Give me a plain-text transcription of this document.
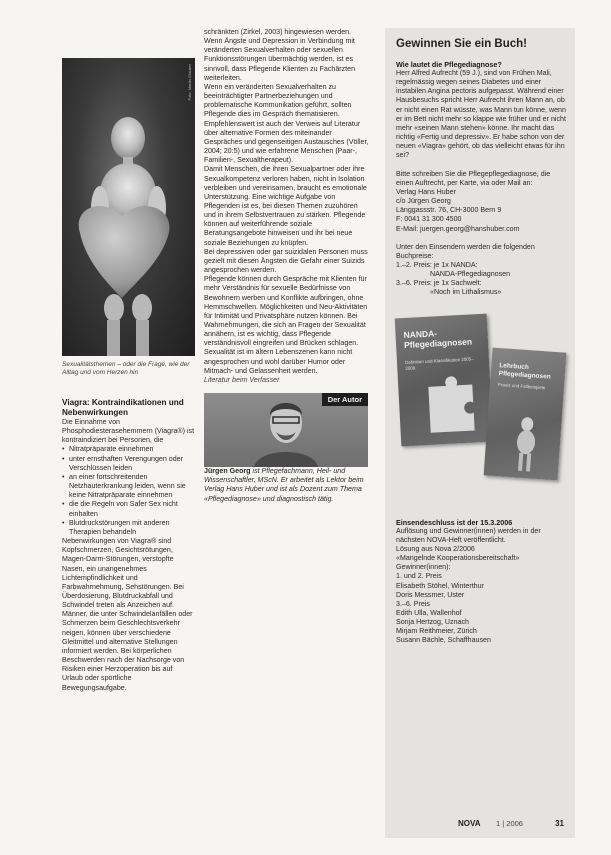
Foto: Martin Glauser
Sexualitätsthemen – oder die Frage, wie der Alltag und vom Herzen hin
Viagra: Kontraindikationen und Nebenwirkungen

Die Einnahme von Phosphodiesterasehemmern (Viagra®) ist kontraindiziert bei Personen, die

• Nitratpräparate einnehmen
• unter ernsthaften Verengungen oder Verschlüssen leiden
• an einer fortschreitenden Netzhauterkrankung leiden, wenn sie keine Nitratpräparate einnehmen
• die die Regeln von Safer Sex nicht einhalten
• Blutdruckstörungen mit anderen Therapien behandeln

Nebenwirkungen von Viagra® sind Kopfschmerzen, Gesichtsrötungen, Magen-Darm-Störungen, verstopfte Nasen, ein unangenehmes Lichtempfindlichkeit und Farbwahrnehmung, Sehstörungen. Bei Überdosierung, Blutdruckabfall und Schwindel treten als Anzeichen auf. Männer, die unter Schwindelanfällen oder Schmerzen beim Geschlechtsverkehr neigen, können über verschiedene Gleitmittel und alternative Stellungen informiert werden. Bei körperlichen Beschwerden nach der Nachsorge von Risiken einer Herzoperation bis auf Urlaub oder sportliche Bewegungsaufgabe.

schränkten (Zirkel, 2003) hingewiesen werden.

Wenn Ängste und Depression in Verbindung mit veränderten Sexualverhalten oder sexuellen Funktionsstörungen übermächtig werden, ist es sinnvoll, dass Pflegende Klienten zu Fachärzten weiterleiten.

Wenn ein veränderten Sexualverhalten zu beeinträchtigter Partnerbeziehungen und problematische Kommunikation geführt, sollten Pflegende dies im Gespräch thematisieren. Empfehlenswert ist auch der Verweis auf Literatur über alternative Formen des miteinander Gespräches und gegenseitigen Austausches (Völler, 2004; 20:5) und wie erfahrene Menschen (Paar-, Familien-, Sexualtherapeut).

Damit Menschen, die ihren Sexualpartner oder ihre Sexualkompetenz verloren haben, nicht in Isolation verbleiben und vereinsamen, braucht es emotionale Unterstützung. Eine wichtige Aufgabe von Pflegenden ist es, bei diesen Themen zuzuhören und in ihrem Selbstvertrauen zu stärken. Pflegende können auf weiterführende soziale Beratungsangebote hinweisen und ihr bei neue soziale Beziehungen zu knüpfen.

Bei depressiven oder gar suizidalen Personen muss gezielt mit diesen Ängsten die Gefahr einer Suizids angesprochen werden.

Pflegende können durch Gespräche mit Klienten für mehr Verständnis für sexuelle Bedürfnisse von Bewohnern werben und Konflikte aufbringen, ohne Hemmschwellen. Möglichkeiten und Neu-Aktivitäten für Intimität und Privatsphäre nutzen können. Bei Wahrnehmungen, die sich an Fragen der Sexualität annähern, ist es wichtig, dass Pflegende verständnisvoll eingreifen und Brücken schlagen.

Sexualität ist im ältern Lebenszenen kann nicht angesprochen und wohl darüber Humor oder Mitmach- und Gelassenheit werden.

Literatur beim Verfasser

Der Autor

Jürgen Georg ist Pflegefachmann, Heil- und Wissenschaftler, MScN. Er arbeitet als Lektor beim Verlag Hans Huber und ist als Dozent zum Thema «Pflegediagnose» und diagnostisch tätig.

Gewinnen Sie ein Buch!
Wie lautet die Pflegediagnose?

Herr Alfred Aufrecht (59 J.), sind von Frühen Mali, regelmässig wegen seines Diabetes und einer instabilen Angina pectoris aufgepasst. Während einer Hausbesuchs spricht Herr Aufrecht ihren Mann an, ob er nicht einen Rat wüsste, was Mann tun könne, wenn er im Bett nicht mehr so klappe wie früher und er nicht mehr «seinen Mann stehen» könne. Ihr macht das richtig «Fertig und depressiv». Er habe schon von der neuen «Viagra» gehört, ob das vielleicht etwas für ihn sei?

Bitte schreiben Sie die Pflegepflegediagnose, die einen Auftrecht, per Karte, via oder Mail an:

Verlag Hans Huber

c/o Jürgen Georg

Länggassstr. 76, CH-3000 Bern 9

F: 0041 31 300 4500

E-Mail: juergen.georg@hanshuber.com

Unter den Einsendern werden die folgenden Buchpreise:

1.–2. Preis: je 1x NANDA:

NANDA-Pflegediagnosen

3.–6. Preis: je 1x Sachwelt:

«Noch im Lithalismus»

NANDA-Pflegediagnosen
Definition und Klassifikation 2005–2006	Lehrbuch Pflegediagnosen
Praxis und Fallbeispiele
Einsendeschluss ist der 15.3.2006

Auflösung und Gewinner(innen) werden in der nächsten NOVA-Heft veröffentlicht.

Lösung aus Nova 2/2006

«Mangelnde Kooperationsbereitschaft»

Gewinner(innen):

1. und 2. Preis

Elisabeth Stöhel, Winterthur

Doris Messmer, Uster

3.–6. Preis

Edith Ulla, Wallenhof

Sonja Hertzog, Uznach

Mirjam Reithmeier, Zürich

Susann Bächle, Schaffhausen

NOVA 1 | 2006	31
